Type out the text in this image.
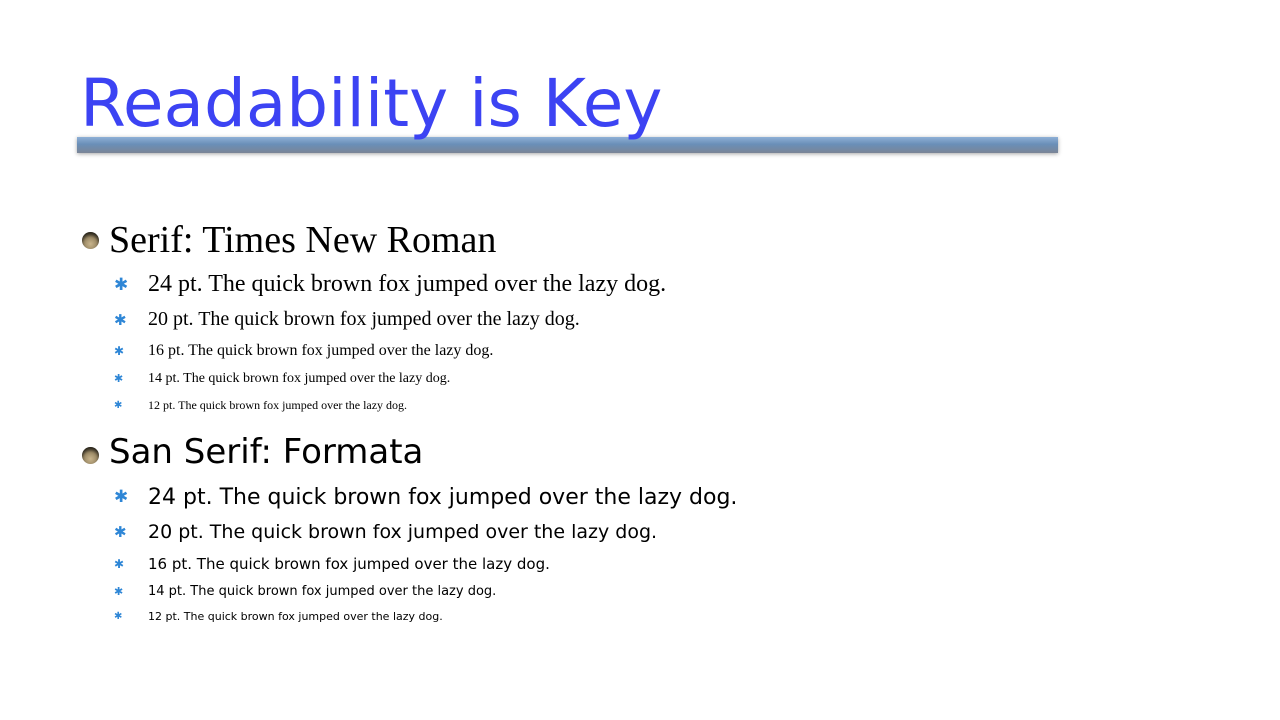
Readability is Key
Serif: Times New Roman
✱ 24 pt. The quick brown fox jumped over the lazy dog.
✱ 20 pt. The quick brown fox jumped over the lazy dog.
✱ 16 pt. The quick brown fox jumped over the lazy dog.
✱ 14 pt. The quick brown fox jumped over the lazy dog.
✱ 12 pt. The quick brown fox jumped over the lazy dog.
San Serif: Formata
✱ 24 pt. The quick brown fox jumped over the lazy dog.
✱ 20 pt. The quick brown fox jumped over the lazy dog.
✱ 16 pt. The quick brown fox jumped over the lazy dog.
✱ 14 pt. The quick brown fox jumped over the lazy dog.
✱ 12 pt. The quick brown fox jumped over the lazy dog.
